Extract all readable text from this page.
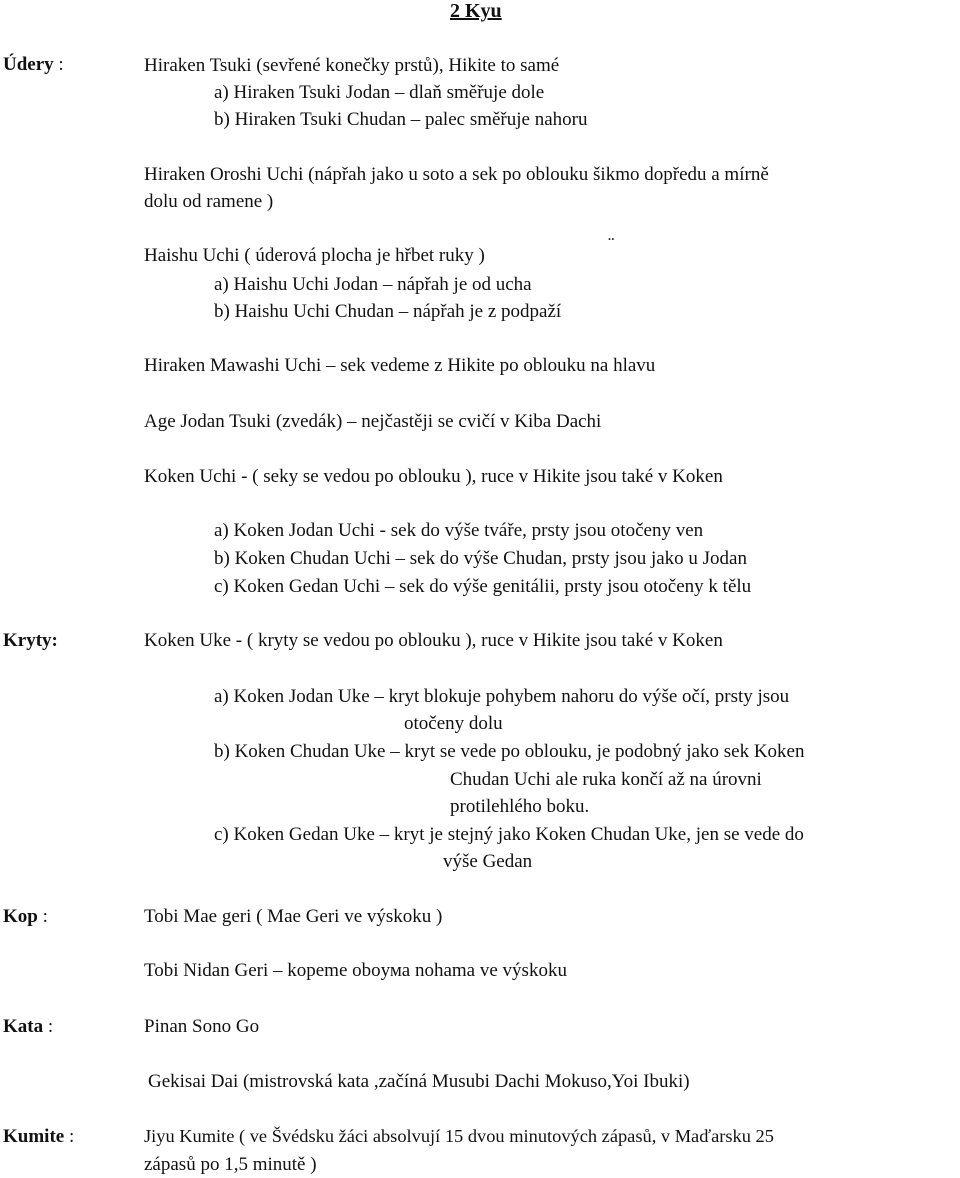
2 Kyu
Údery :	Hiraken Tsuki (sevřené konečky prstů), Hikite to samé
a) Hiraken Tsuki Jodan – dlaň směřuje dole
b) Hiraken Tsuki Chudan – palec směřuje nahoru
Hiraken Oroshi Uchi (nápřah jako u soto a sek po oblouku šikmo dopředu a mírně
dolu od ramene )
Haishu Uchi ( úderová plocha je hřbet ruky )
¨
a) Haishu Uchi Jodan – nápřah je od ucha
b) Haishu Uchi Chudan – nápřah je z podpaží
Hiraken Mawashi Uchi – sek vedeme z Hikite po oblouku na hlavu
Age Jodan Tsuki (zvedák) – nejčastěji se cvičí v Kiba Dachi
Koken Uchi - ( seky se vedou po oblouku ), ruce v Hikite jsou také v Koken
a) Koken Jodan Uchi - sek do výše tváře, prsty jsou otočeny ven
b) Koken Chudan Uchi – sek do výše Chudan, prsty jsou jako u Jodan
c) Koken Gedan Uchi – sek do výše genitálii, prsty jsou otočeny k tělu
Kryty:	Koken Uke - ( kryty se vedou po oblouku ), ruce v Hikite jsou také v Koken
a) Koken Jodan Uke – kryt blokuje pohybem nahoru do výše očí, prsty jsou
otočeny dolu
b) Koken Chudan Uke – kryt se vede po oblouku, je podobný jako sek Koken
Chudan Uchi ale ruka končí až na úrovni
protilehlého boku.
c) Koken Gedan Uke – kryt je stejný jako Koken Chudan Uke, jen se vede do
výše Gedan
Kop :	Tobi Mae geri ( Mae Geri ve výskoku )
Tobi Nidan Geri – kopeme oboума nohama ve výskoku
Kata :	Pinan Sono Go
Gekisai Dai (mistrovská kata ,začíná Musubi Dachi Mokuso,Yoi Ibuki)
Kumite :	Jiyu Kumite ( ve Švédsku žáci absolvují 15 dvou minutových zápasů, v Maďarsku 25
zápasů po 1,5 minutě )
